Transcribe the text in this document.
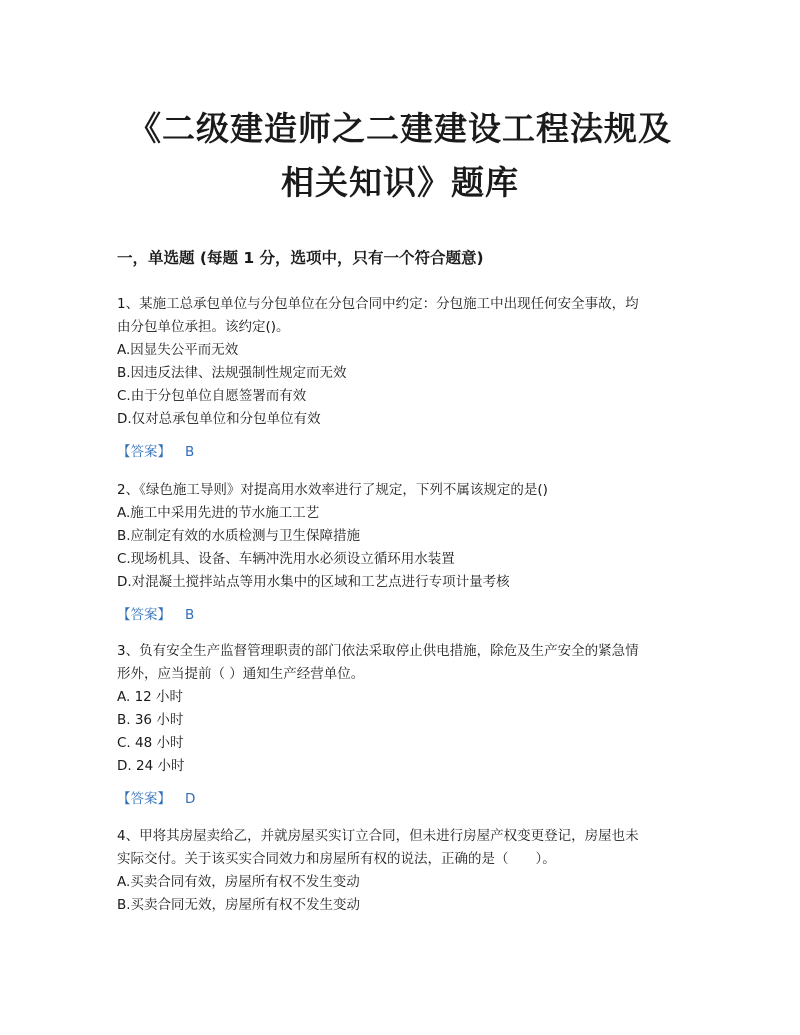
《二级建造师之二建建设工程法规及
相关知识》题库
一，单选题 (每题 1 分，选项中，只有一个符合题意)

1、某施工总承包单位与分包单位在分包合同中约定：分包施工中出现任何安全事故，均

由分包单位承担。该约定()。

A.因显失公平而无效

B.因违反法律、法规强制性规定而无效

C.由于分包单位自愿签署而有效

D.仅对总承包单位和分包单位有效

【答案】 B

2、《绿色施工导则》对提高用水效率进行了规定，下列不属该规定的是()

A.施工中采用先进的节水施工工艺

B.应制定有效的水质检测与卫生保障措施

C.现场机具、设备、车辆冲洗用水必须设立循环用水装置

D.对混凝土搅拌站点等用水集中的区域和工艺点进行专项计量考核

【答案】 B

3、负有安全生产监督管理职责的部门依法采取停止供电措施，除危及生产安全的紧急情

形外，应当提前（ ）通知生产经营单位。

A. 12 小时

B. 36 小时

C. 48 小时

D. 24 小时

【答案】 D

4、甲将其房屋卖给乙，并就房屋买实订立合同，但未进行房屋产权变更登记，房屋也未

实际交付。关于该买实合同效力和房屋所有权的说法，正确的是（　　）。

A.买卖合同有效，房屋所有权不发生变动

B.买卖合同无效，房屋所有权不发生变动
